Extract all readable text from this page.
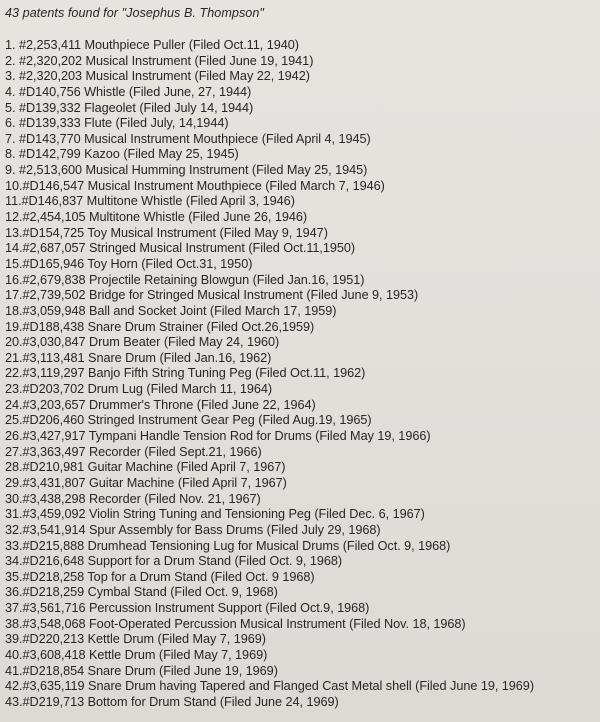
43 patents found for "Josephus B. Thompson"
1. #2,253,411 Mouthpiece Puller (Filed Oct.11, 1940)
2. #2,320,202 Musical Instrument (Filed June 19, 1941)
3. #2,320,203 Musical Instrument (Filed May 22, 1942)
4. #D140,756 Whistle (Filed June, 27, 1944)
5. #D139,332 Flageolet (Filed July 14, 1944)
6. #D139,333 Flute (Filed July, 14,1944)
7. #D143,770 Musical Instrument Mouthpiece (Filed April 4, 1945)
8. #D142,799 Kazoo (Filed May 25, 1945)
9. #2,513,600 Musical Humming Instrument (Filed May 25, 1945)
10.#D146,547 Musical Instrument Mouthpiece (Filed March 7, 1946)
11.#D146,837 Multitone Whistle (Filed April 3, 1946)
12.#2,454,105 Multitone Whistle (Filed June 26, 1946)
13.#D154,725 Toy Musical Instrument (Filed May 9, 1947)
14.#2,687,057 Stringed Musical Instrument (Filed Oct.11,1950)
15.#D165,946 Toy Horn (Filed Oct.31, 1950)
16.#2,679,838 Projectile Retaining Blowgun (Filed Jan.16, 1951)
17.#2,739,502 Bridge for Stringed Musical Instrument (Filed June 9, 1953)
18.#3,059,948 Ball and Socket Joint (Filed March 17, 1959)
19.#D188,438 Snare Drum Strainer (Filed Oct.26,1959)
20.#3,030,847 Drum Beater (Filed May 24, 1960)
21.#3,113,481 Snare Drum (Filed Jan.16, 1962)
22.#3,119,297 Banjo Fifth String Tuning Peg (Filed Oct.11, 1962)
23.#D203,702 Drum Lug (Filed March 11, 1964)
24.#3,203,657 Drummer's Throne (Filed June 22, 1964)
25.#D206,460 Stringed Instrument Gear Peg (Filed Aug.19, 1965)
26.#3,427,917 Tympani Handle Tension Rod for Drums (Filed May 19, 1966)
27.#3,363,497 Recorder (Filed Sept.21, 1966)
28.#D210,981 Guitar Machine (Filed April 7, 1967)
29.#3,431,807 Guitar Machine (Filed April 7, 1967)
30.#3,438,298 Recorder (Filed Nov. 21, 1967)
31.#3,459,092 Violin String Tuning and Tensioning Peg (Filed Dec. 6, 1967)
32.#3,541,914 Spur Assembly for Bass Drums (Filed July 29, 1968)
33.#D215,888 Drumhead Tensioning Lug for Musical Drums (Filed Oct. 9, 1968)
34.#D216,648 Support for a Drum Stand (Filed Oct. 9, 1968)
35.#D218,258 Top for a Drum Stand (Filed Oct. 9 1968)
36.#D218,259 Cymbal Stand (Filed Oct. 9, 1968)
37.#3,561,716 Percussion Instrument Support (Filed Oct.9, 1968)
38.#3,548,068 Foot-Operated Percussion Musical Instrument (Filed Nov. 18, 1968)
39.#D220,213 Kettle Drum (Filed May 7, 1969)
40.#3,608,418 Kettle Drum (Filed May 7, 1969)
41.#D218,854 Snare Drum (Filed June 19, 1969)
42.#3,635,119 Snare Drum having Tapered and Flanged Cast Metal shell (Filed June 19, 1969)
43.#D219,713 Bottom for Drum Stand (Filed June 24, 1969)
